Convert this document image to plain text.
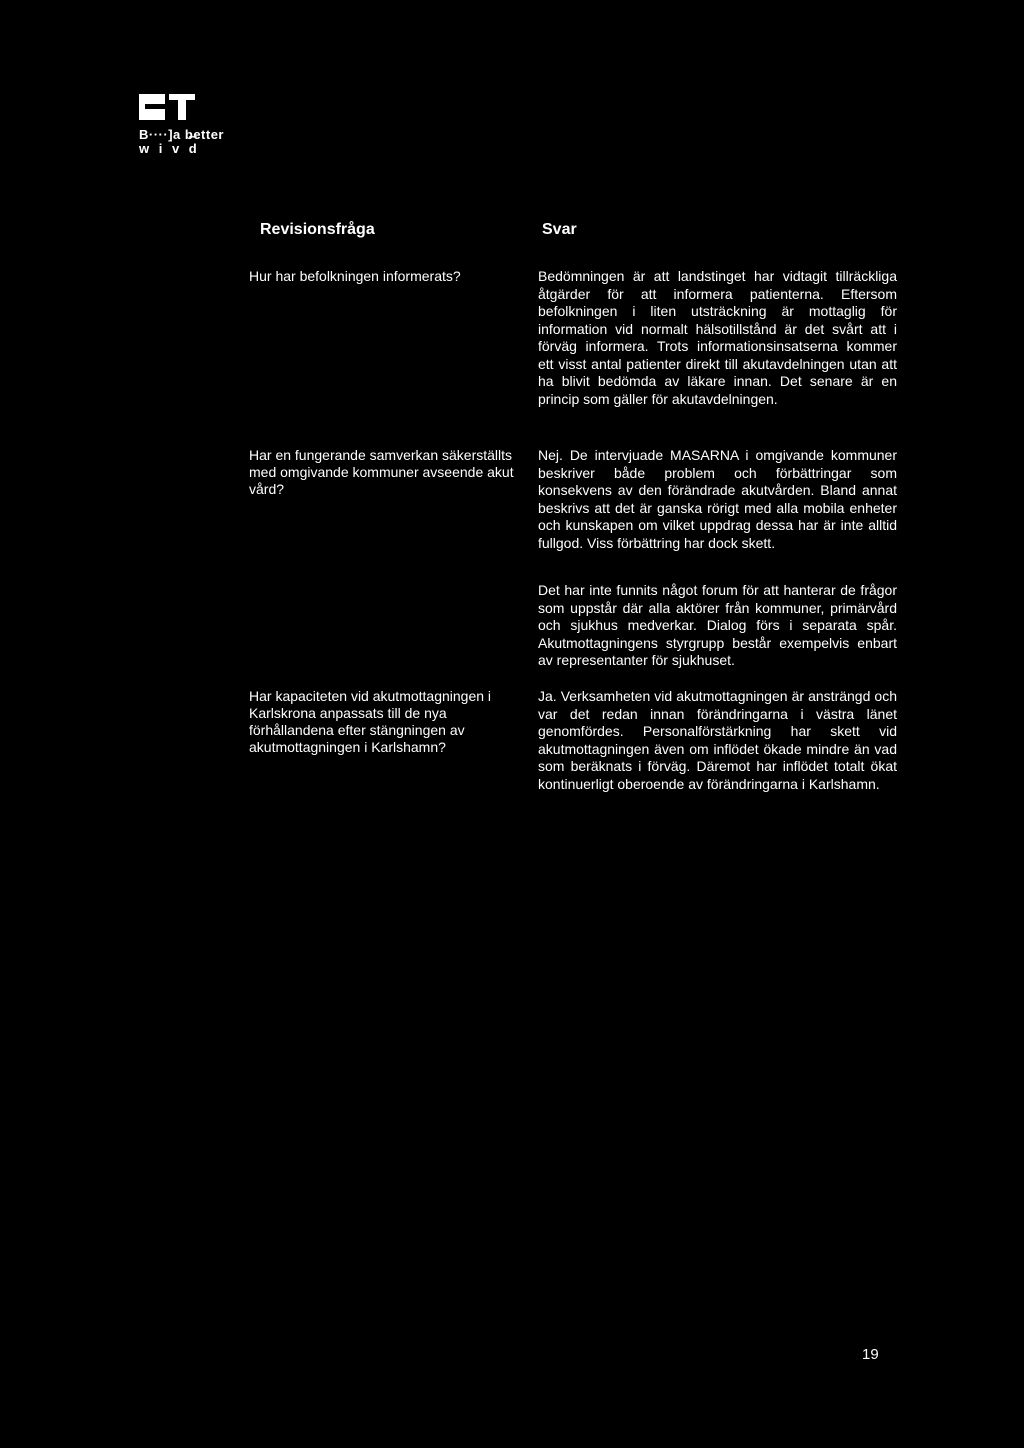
B····]a b̶etter
w i v d
Revisionsfråga	Svar
Hur har befolkningen informerats?	Bedömningen är att landstinget har vidtagit tillräckliga åtgärder för att informera patienterna. Eftersom befolkningen i liten utsträckning är mottaglig för information vid normalt hälsotillstånd är det svårt att i förväg informera. Trots informationsinsatserna kommer ett visst antal patienter direkt till akutavdelningen utan att ha blivit bedömda av läkare innan. Det senare är en princip som gäller för akutavdelningen.

Har en fungerande samverkan säkerställts med omgivande kommuner avseende akut vård?

Nej. De intervjuade MASARNA i omgivande kommuner beskriver både problem och förbättringar som konsekvens av den förändrade akutvården. Bland annat beskrivs att det är ganska rörigt med alla mobila enheter och kunskapen om vilket uppdrag dessa har är inte alltid fullgod. Viss förbättring har dock skett.

Det har inte funnits något forum för att hanterar de frågor som uppstår där alla aktörer från kommuner, primärvård och sjukhus medverkar. Dialog förs i separata spår. Akutmottagningens styrgrupp består exempelvis enbart av representanter för sjukhuset.

Har kapaciteten vid akutmottagningen i Karlskrona anpassats till de nya förhållandena efter stängningen av akutmottagningen i Karlshamn?

Ja. Verksamheten vid akutmottagningen är ansträngd och var det redan innan förändringarna i västra länet genomfördes. Personalförstärkning har skett vid akutmottagningen även om inflödet ökade mindre än vad som beräknats i förväg. Däremot har inflödet totalt ökat kontinuerligt oberoende av förändringarna i Karlshamn.

19
